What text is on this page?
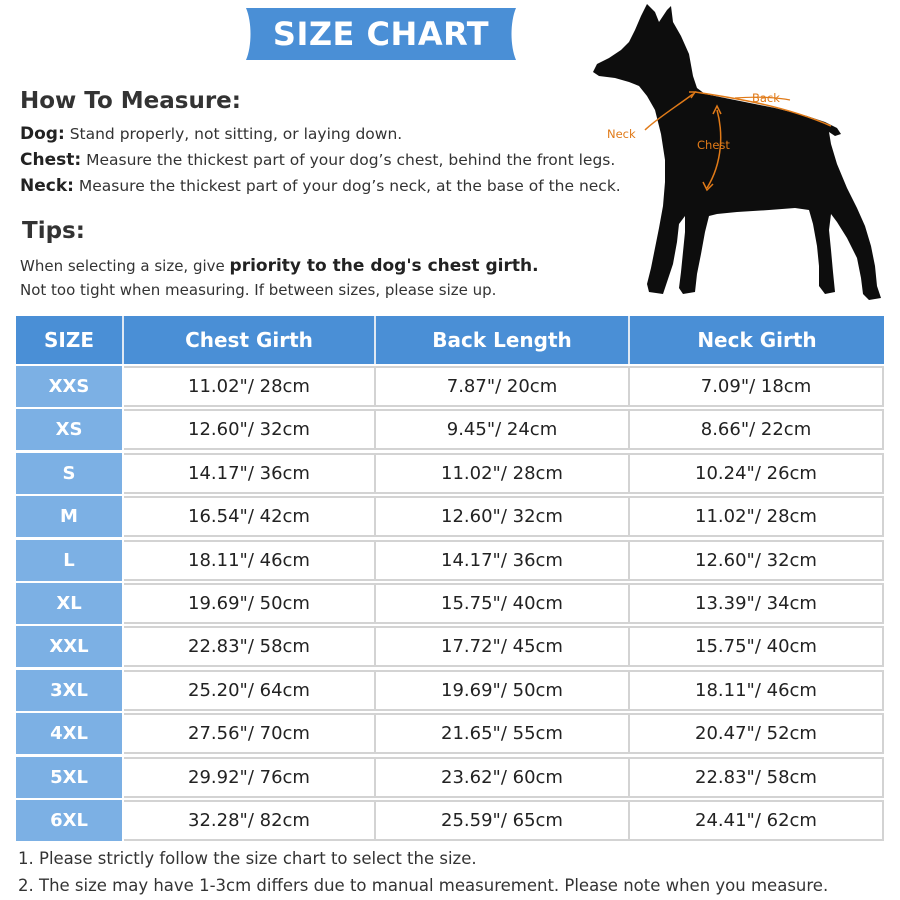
SIZE CHART
How To Measure:
Dog: Stand properly, not sitting, or laying down.
Chest: Measure the thickest part of your dog’s chest, behind the front legs.
Neck: Measure the thickest part of your dog’s neck, at the base of the neck.
Tips:
When selecting a size, give priority to the dog's chest girth.
Not too tight when measuring. If between sizes, please size up.
Back
Neck
Chest
SIZE	Chest Girth	Back Length	Neck Girth
XXS	11.02"/ 28cm	7.87"/ 20cm	7.09"/ 18cm
XS	12.60"/ 32cm	9.45"/ 24cm	8.66"/ 22cm
S	14.17"/ 36cm	11.02"/ 28cm	10.24"/ 26cm
M	16.54"/ 42cm	12.60"/ 32cm	11.02"/ 28cm
L	18.11"/ 46cm	14.17"/ 36cm	12.60"/ 32cm
XL	19.69"/ 50cm	15.75"/ 40cm	13.39"/ 34cm
XXL	22.83"/ 58cm	17.72"/ 45cm	15.75"/ 40cm
3XL	25.20"/ 64cm	19.69"/ 50cm	18.11"/ 46cm
4XL	27.56"/ 70cm	21.65"/ 55cm	20.47"/ 52cm
5XL	29.92"/ 76cm	23.62"/ 60cm	22.83"/ 58cm
6XL	32.28"/ 82cm	25.59"/ 65cm	24.41"/ 62cm
1. Please strictly follow the size chart to select the size.
2. The size may have 1-3cm differs due to manual measurement. Please note when you measure.
